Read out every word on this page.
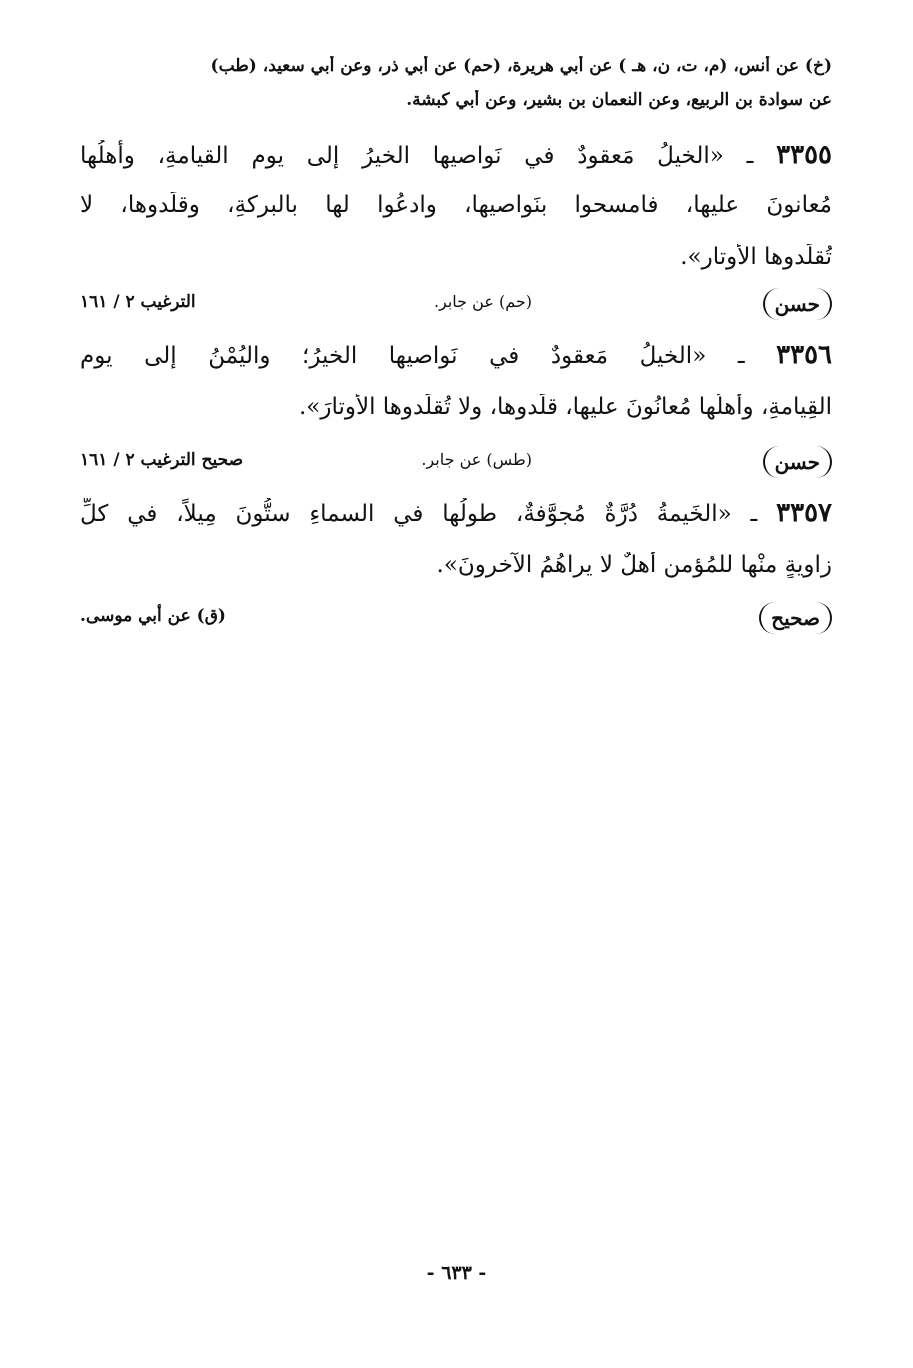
(خ) عن أنس، (م، ت، ن، هـ ) عن أبي هريرة، (حم) عن أبي ذر، وعن أبي سعيد، (طب)
عن سوادة بن الربيع، وعن النعمان بن بشير، وعن أبي كبشة.
٣٣٥٥ ـ «الخيلُ مَعقودٌ في نَواصيها الخيرُ إلى يوم القيامةِ، وأهلُها
مُعانونَ عليها، فامسحوا بنَواصيها، وادعُوا لها بالبركةِ، وقلِّدوها، لا
تُقلِّدوها الأوتار».
حسن
(حم) عن جابر.
الترغيب ٢ / ١٦١
٣٣٥٦ ـ «الخيلُ مَعقودٌ في نَواصيها الخيرُ؛ واليُمْنُ إلى يوم
القِيامةِ، وأهلُها مُعانُونَ عليها، قلِّدوها، ولا تُقلِّدوها الأوتارَ».
حسن
(طس) عن جابر.
صحيح الترغيب ٢ / ١٦١
٣٣٥٧ ـ «الخَيمةُ دُرَّةٌ مُجوَّفةٌ، طولُها في السماءِ ستُّونَ مِيلاً، في كلِّ
زاويةٍ منْها للمُؤمنِ أهلٌ لا يراهُمُ الآخرونَ».
صحيح
(ق) عن أبي موسى.
- ٦٣٣ -
